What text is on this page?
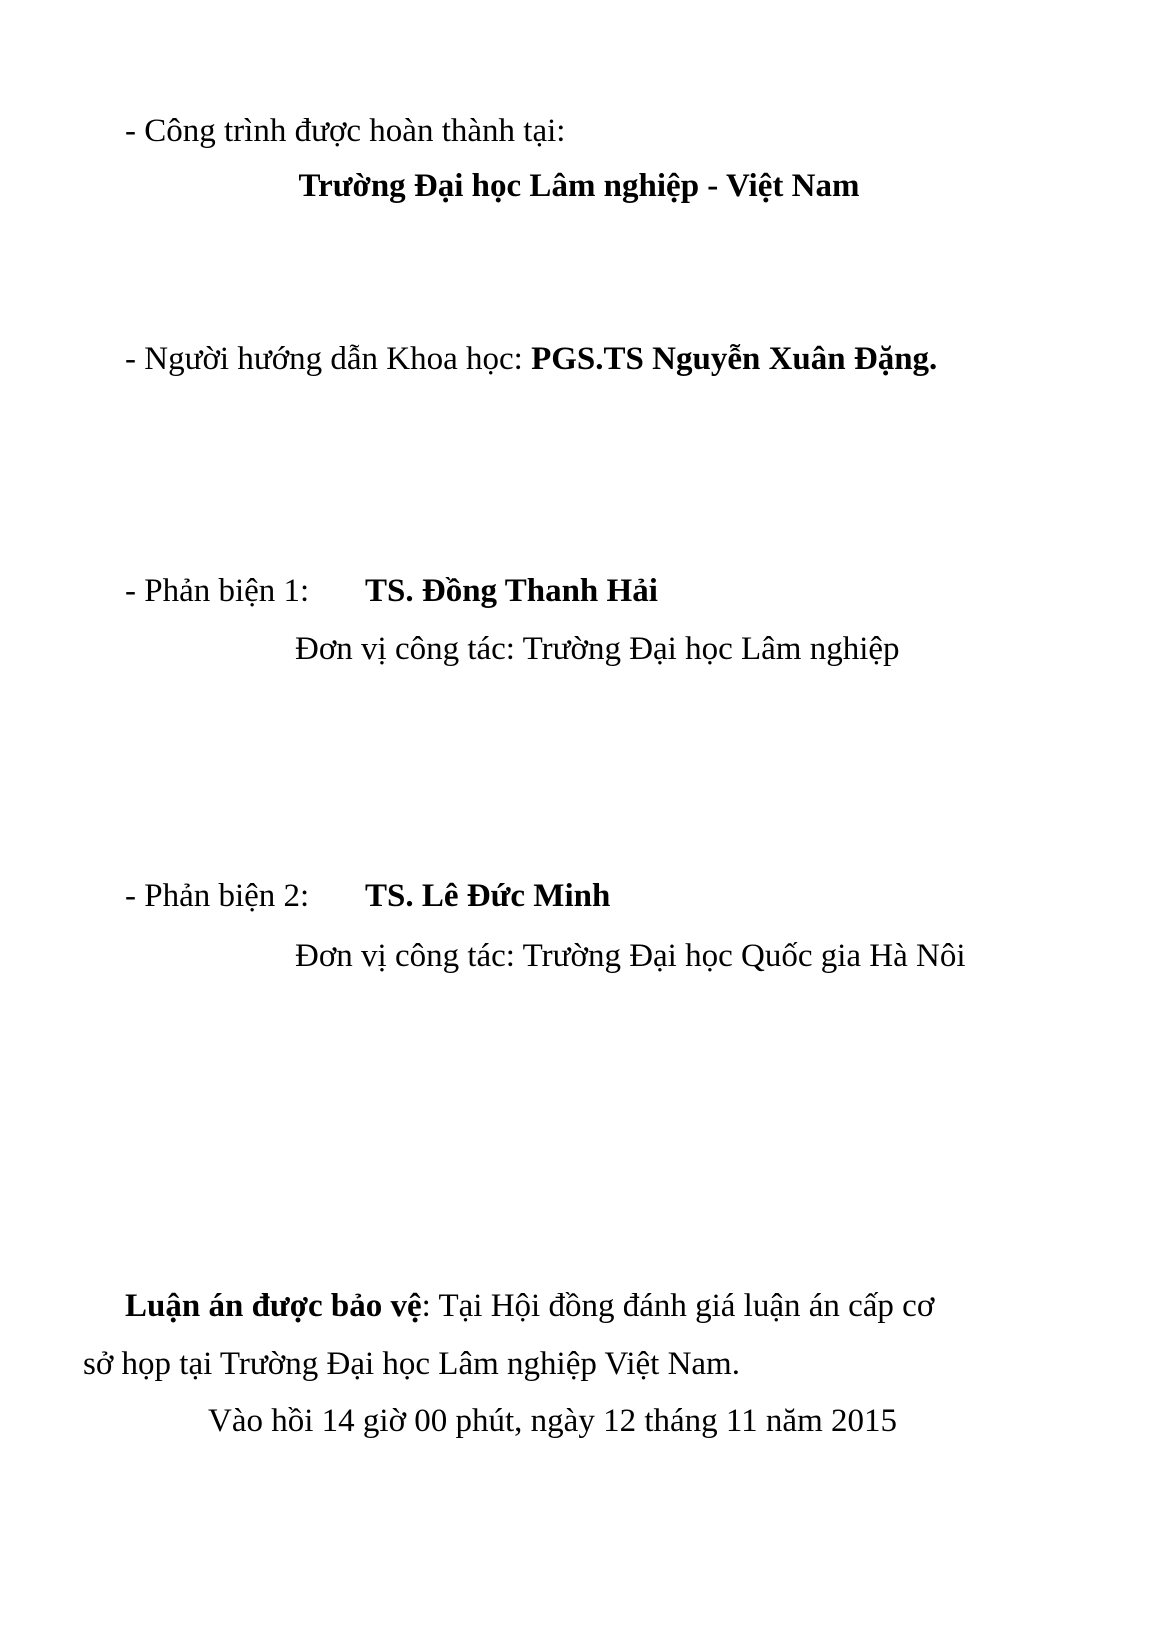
- Công trình được hoàn thành tại:
Trường Đại học Lâm nghiệp - Việt Nam
- Người hướng dẫn Khoa học: PGS.TS Nguyễn Xuân Đặng.
- Phản biện 1: TS. Đồng Thanh Hải
Đơn vị công tác: Trường Đại học Lâm nghiệp
- Phản biện 2: TS. Lê Đức Minh
Đơn vị công tác: Trường Đại học Quốc gia Hà Nôi
Luận án được bảo vệ: Tại Hội đồng đánh giá luận án cấp cơ
sở họp tại Trường Đại học Lâm nghiệp Việt Nam.
Vào hồi 14 giờ 00 phút, ngày 12 tháng 11 năm 2015
